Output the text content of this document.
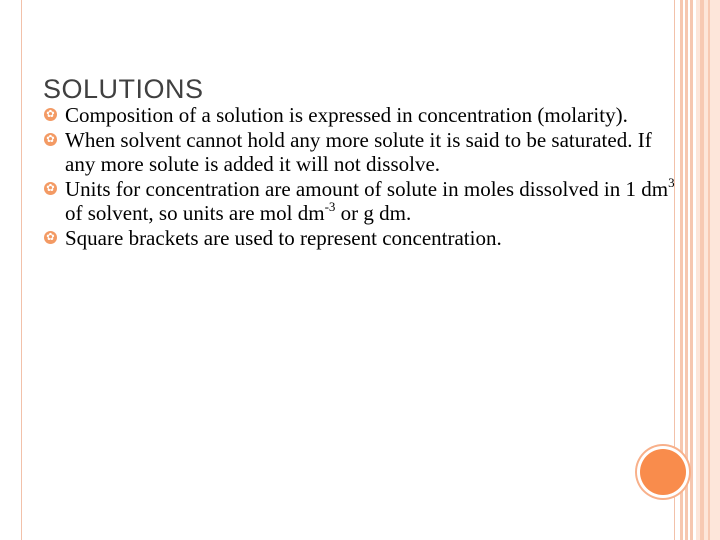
SOLUTIONS
✿ Composition of a solution is expressed in concentration (molarity).
✿ When solvent cannot hold any more solute it is said to be saturated. If any more solute is added it will not dissolve.
✿ Units for concentration are amount of solute in moles dissolved in 1 $dm^3$ of solvent, so units are mol $dm^{-3}$ or g dm.
✿ Square brackets are used to represent concentration.
